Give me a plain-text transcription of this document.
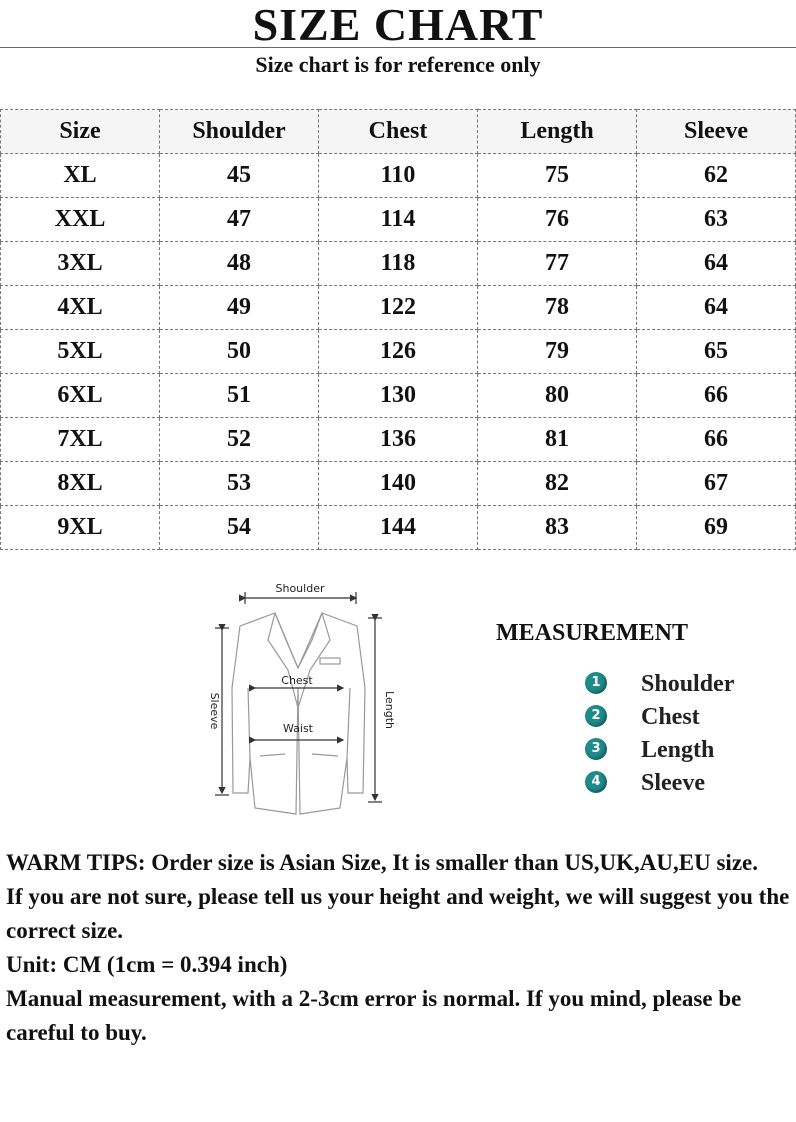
SIZE CHART
Size chart is for reference only
Size	Shoulder	Chest	Length	Sleeve
XL	45	110	75	62
XXL	47	114	76	63
3XL	48	118	77	64
4XL	49	122	78	64
5XL	50	126	79	65
6XL	51	130	80	66
7XL	52	136	81	66
8XL	53	140	82	67
9XL	54	144	83	69
Shoulder
Chest
Waist
Sleeve	Length
MEASUREMENT
1 Shoulder
2 Chest
3 Length
4 Sleeve

WARM TIPS: Order size is Asian Size, It is smaller than US,UK,AU,EU size.

If you are not sure, please tell us your height and weight, we will suggest you the correct size.

Unit: CM (1cm = 0.394 inch)

Manual measurement, with a 2-3cm error is normal. If you mind, please be careful to buy.
